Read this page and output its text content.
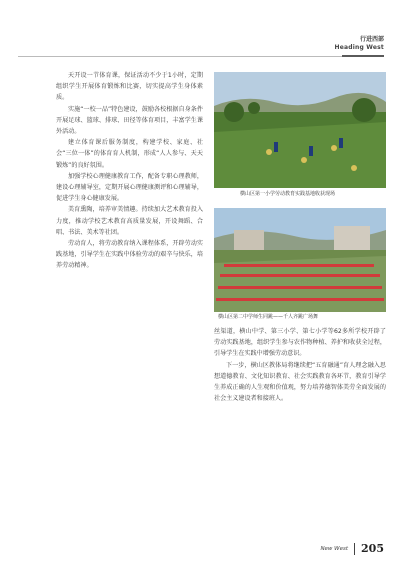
行进西部
Heading West

天开设一节体育课，保证活动不少于1小时，定期组织学生开展体育锻炼和比赛，切实提高学生身体素质。

实施“一校一品”特色建设，鼓励各校根据自身条件开展足球、篮球、排球、田径等体育项目，丰富学生课外活动。

建立体育课后服务制度，构建学校、家庭、社会“三位一体”的体育育人机制，形成“人人参与、天天锻炼”的良好氛围。

加强学校心理健康教育工作，配备专职心理教师，建设心理辅导室，定期开展心理健康测评和心理辅导，促进学生身心健康发展。

美育熏陶，培养审美情趣。持续加大艺术教育投入力度，推动学校艺术教育高质量发展，开设舞蹈、合唱、书法、美术等社团。

劳动育人，将劳动教育纳入课程体系，开辟劳动实践基地，引导学生在实践中体验劳动的艰辛与快乐，培养劳动精神。

横山区第一小学劳动教育实践基地收获现场
横山区第二中学师生同跳——千人齐跳广场舞

丝渠道，横山中学、第三小学、第七小学等62多所学校开辟了劳动实践基地，组织学生参与农作物种植、养护和收获全过程，引导学生在实践中增强劳动意识。

下一步，横山区教体局将继续把“五育融通”育人理念融入思想道德教育、文化知识教育、社会实践教育各环节，教育引导学生养成正确的人生观和价值观，努力培养德智体美劳全面发展的社会主义建设者和接班人。

New West 205
